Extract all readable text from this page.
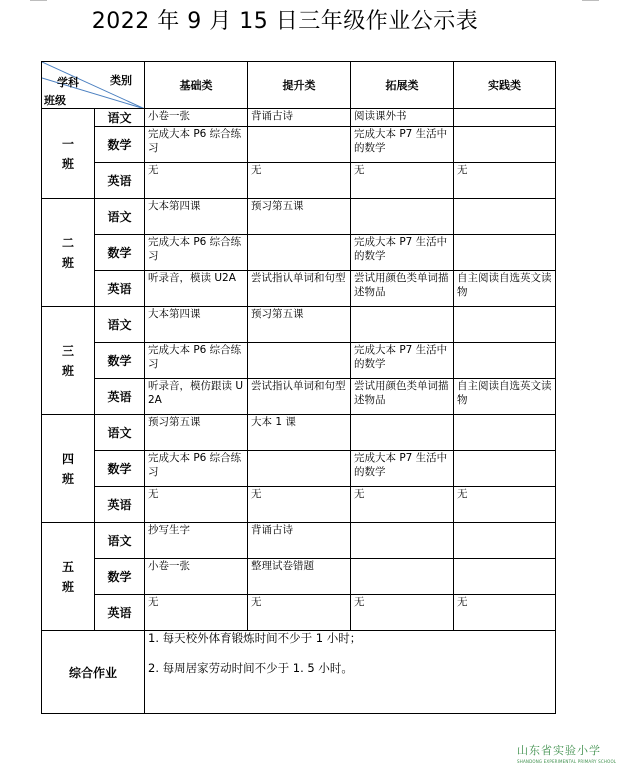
2022 年 9 月 15 日三年级作业公示表
学科 类别
班级		基础类	提升类	拓展类	实践类

一
班	语文	小卷一张	背诵古诗	阅读课外书	
	数学	完成大本 P6 综合练习		完成大本 P7 生活中的数学	
	英语	无	无	无	无

二
班	语文	大本第四课	预习第五课		
	数学	完成大本 P6 综合练习		完成大本 P7 生活中的数学	
	英语	听录音，模读 U2A	尝试指认单词和句型	尝试用颜色类单词描述物品	自主阅读自选英文读物

三
班	语文	大本第四课	预习第五课		
	数学	完成大本 P6 综合练习		完成大本 P7 生活中的数学	
	英语	听录音，模仿跟读 U2A	尝试指认单词和句型	尝试用颜色类单词描述物品	自主阅读自选英文读物

四
班	语文	预习第五课	大本 1 课		
	数学	完成大本 P6 综合练习		完成大本 P7 生活中的数学	
	英语	无	无	无	无

五
班	语文	抄写生字	背诵古诗		
	数学	小卷一张	整理试卷错题		
	英语	无	无	无	无
综合作业		1. 每天校外体育锻炼时间不少于 1 小时；

2. 每周居家劳动时间不少于 1. 5 小时。			

山东省实验小学
SHANDONG EXPERIMENTAL PRIMARY SCHOOL
